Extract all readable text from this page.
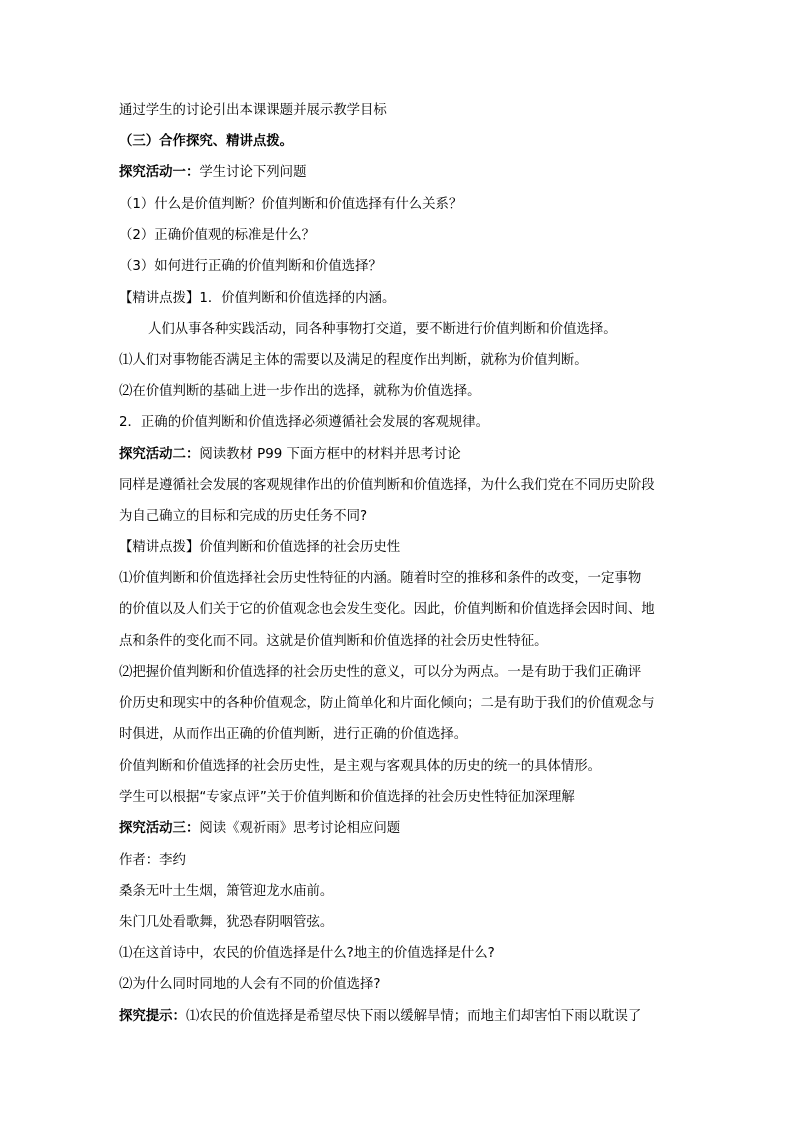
通过学生的讨论引出本课课题并展示教学目标
（三）合作探究、精讲点拨。
探究活动一：学生讨论下列问题
（1）什么是价值判断？价值判断和价值选择有什么关系？
（2）正确价值观的标准是什么？
（3）如何进行正确的价值判断和价值选择？
【精讲点拨】1．价值判断和价值选择的内涵。
人们从事各种实践活动，同各种事物打交道，要不断进行价值判断和价值选择。
⑴人们对事物能否满足主体的需要以及满足的程度作出判断，就称为价值判断。
⑵在价值判断的基础上进一步作出的选择，就称为价值选择。
2．正确的价值判断和价值选择必须遵循社会发展的客观规律。
探究活动二：阅读教材 P99 下面方框中的材料并思考讨论
同样是遵循社会发展的客观规律作出的价值判断和价值选择，为什么我们党在不同历史阶段
为自己确立的目标和完成的历史任务不同?
【精讲点拨】价值判断和价值选择的社会历史性
⑴价值判断和价值选择社会历史性特征的内涵。随着时空的推移和条件的改变，一定事物
的价值以及人们关于它的价值观念也会发生变化。因此，价值判断和价值选择会因时间、地
点和条件的变化而不同。这就是价值判断和价值选择的社会历史性特征。
⑵把握价值判断和价值选择的社会历史性的意义，可以分为两点。一是有助于我们正确评
价历史和现实中的各种价值观念，防止简单化和片面化倾向；二是有助于我们的价值观念与
时俱进，从而作出正确的价值判断，进行正确的价值选择。
价值判断和价值选择的社会历史性，是主观与客观具体的历史的统一的具体情形。
学生可以根据“专家点评”关于价值判断和价值选择的社会历史性特征加深理解
探究活动三：阅读《观祈雨》思考讨论相应问题
作者：李约
桑条无叶土生烟，箫管迎龙水庙前。
朱门几处看歌舞，犹恐春阴咽管弦。
⑴在这首诗中，农民的价值选择是什么?地主的价值选择是什么?
⑵为什么同时同地的人会有不同的价值选择?
探究提示：⑴农民的价值选择是希望尽快下雨以缓解旱情；而地主们却害怕下雨以耽误了
